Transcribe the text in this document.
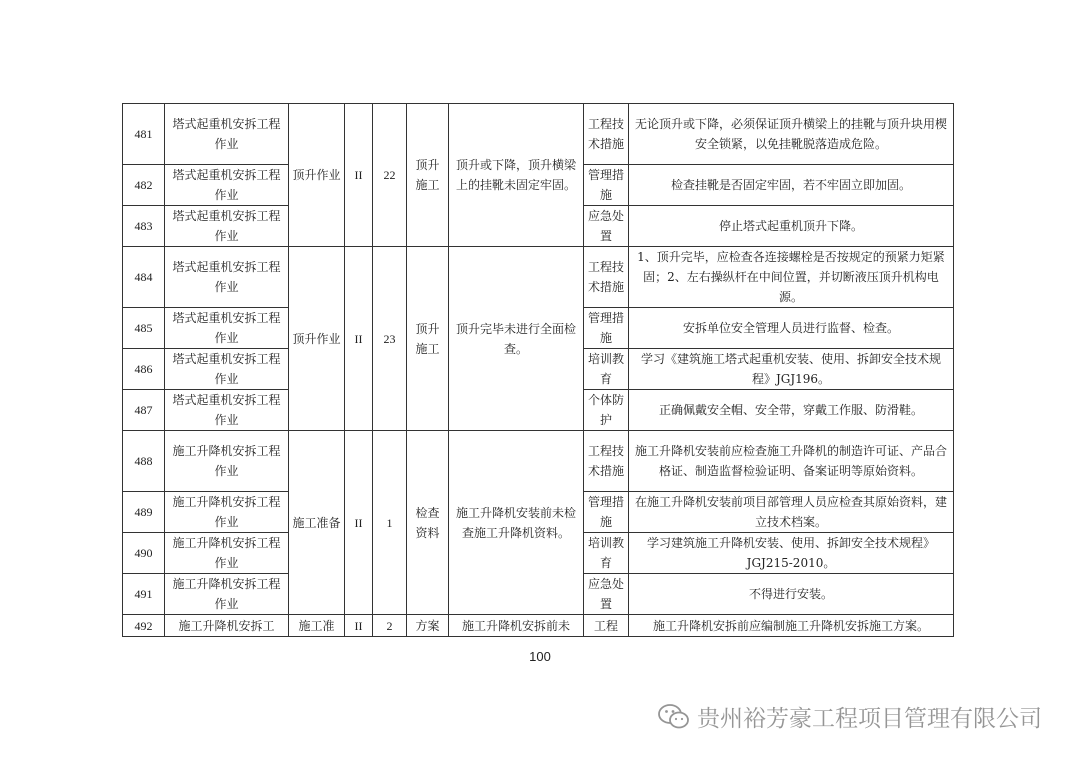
481	塔式起重机安拆工程作业	顶升作业	II	22	顶升施工	顶升或下降，顶升横梁上的挂靴未固定牢固。	工程技术措施	无论顶升或下降，必须保证顶升横梁上的挂靴与顶升块用楔安全锁紧，以免挂靴脱落造成危险。
482	塔式起重机安拆工程作业						管理措施	检查挂靴是否固定牢固，若不牢固立即加固。
483	塔式起重机安拆工程作业						应急处置	停止塔式起重机顶升下降。
484	塔式起重机安拆工程作业	顶升作业	II	23	顶升施工	顶升完毕未进行全面检查。	工程技术措施	1、顶升完毕，应检查各连接螺栓是否按规定的预紧力矩紧固；2、左右操纵杆在中间位置，并切断液压顶升机构电源。
485	塔式起重机安拆工程作业						管理措施	安拆单位安全管理人员进行监督、检查。
486	塔式起重机安拆工程作业						培训教育	学习《建筑施工塔式起重机安装、使用、拆卸安全技术规程》JGJ196。
487	塔式起重机安拆工程作业						个体防护	正确佩戴安全帽、安全带，穿戴工作服、防滑鞋。
488	施工升降机安拆工程作业	施工准备	II	1	检查资料	施工升降机安装前未检查施工升降机资料。	工程技术措施	施工升降机安装前应检查施工升降机的制造许可证、产品合格证、制造监督检验证明、备案证明等原始资料。
489	施工升降机安拆工程作业						管理措施	在施工升降机安装前项目部管理人员应检查其原始资料，建立技术档案。
490	施工升降机安拆工程作业						培训教育	学习建筑施工升降机安装、使用、拆卸安全技术规程》JGJ215-2010。
491	施工升降机安拆工程作业						应急处置	不得进行安装。
492	施工升降机安拆工	施工准	II	2	方案	施工升降机安拆前未	工程	施工升降机安拆前应编制施工升降机安拆施工方案。
100
贵州裕芳豪工程项目管理有限公司
